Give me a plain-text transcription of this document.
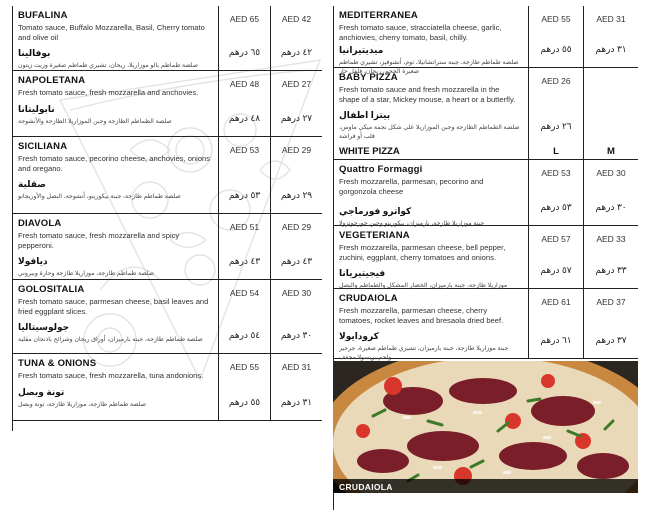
BUFALINA
Tomato sauce, Buffalo Mozzarella, Basil, Cherry tomato and olive oil
بوفالينا
صلصة طماطم بالو موزاريلا، ريحان، تشيري طماطم صغيرة وزيت زيتون
AED 65
٦٥ درهم
AED 42
٤٢ درهم
NAPOLETANA
Fresh tomato sauce, fresh mozzarella and anchovies.
نابوليتانا
صلصة الطماطم الطازجة وجبن الموزاريلا الطازجة والأنشوجة
AED 48
٤٨ درهم
AED 27
٢٧ درهم
SICILIANA
Fresh tomato sauce, pecorino cheese, anchovies, onions and oregano.
صقلية
صلصة طماطم طازجة، جبنة بيكورينو، أنشوجة، البصل والأوريجانو
AED 53
٥٣ درهم
AED 29
٢٩ درهم
DIAVOLA
Fresh tomato sauce, fresh mozzarella and spicy pepperoni.
ديافولا
صلصة طماطم طازجة، موزاريلا طازجة وحارة وببروني
AED 51
٤٣ درهم
AED 29
٤٣ درهم
GOLOSITALIA
Fresh tomato sauce, parmesan cheese, basil leaves and fried eggplant slices.
جولوسيتاليا
صلصة طماطم طازجة، جبنة بارميزان، أوراق ريحان وشرائح باذنجان مقلية
AED 54
٥٤ درهم
AED 30
٣٠ درهم
TUNA & ONIONS
Fresh tomato sauce, fresh mozzarella, tuna andonions.
تونة وبصل
صلصة طماطم طازجة، موزاريلا طازجة، تونة وبصل
AED 55
٥٥ درهم
AED 31
٣١ درهم
MEDITERRANEA
Fresh tomato sauce, stracciatella cheese, garlic, anchiovies, cherry tomato, basil, chilly.
ميديتيرانيا
صلصة طماطم طازجة، جبنة ستراتشاتيلا، ثوم، أنشوفيز، تشيري طماطم صغيرة الحجم، ريحان، فلفل حار
AED 55
٥٥ درهم
AED 31
٣١ درهم
BABY PIZZA
Fresh tomato sauce and fresh mozzarella in the shape of a star, Mickey mouse, a heart or a butterfly.
بيتزا اطفال
صلصة الطماطم الطازجة وجبن الموزاريلا على شكل نجمة ميكي ماوس، قلب أو فراشة
AED 26
٢٦ درهم
WHITE PIZZA	L	M
Quattro Formaggi
Fresh mozzarella, parmesan, pecorino and gorgonzola cheese
كواترو فورماجي
جبنة موزاريلا طازجة، بارميزان، بيكورينو وجبن جورجونزولا
AED 53
٥٣ درهم
AED 30
٣٠ درهم
VEGETERIANA
Fresh mozzarella, parmesan cheese, bell pepper, zuchini, eggplant, cherry tomatoes and onions.
فيجيتيريانا
موزاريلا طازجة، جبنة بارميزان، الخضار المشكل والطماطم والبصل
AED 57
٥٧ درهم
AED 33
٣٣ درهم
CRUDAIOLA
Fresh mozzarella, parmesan cheese, cherry tomatoes, rocket leaves and bresaola dried beef.
كرودايولا
جبنة موزاريلا طازجة، جبنة بارميزان، تشيري طماطم صغيرة، جرجير ولحم بريسولا مجفف
AED 61
٦١ درهم
AED 37
٣٧ درهم
CRUDAIOLA
